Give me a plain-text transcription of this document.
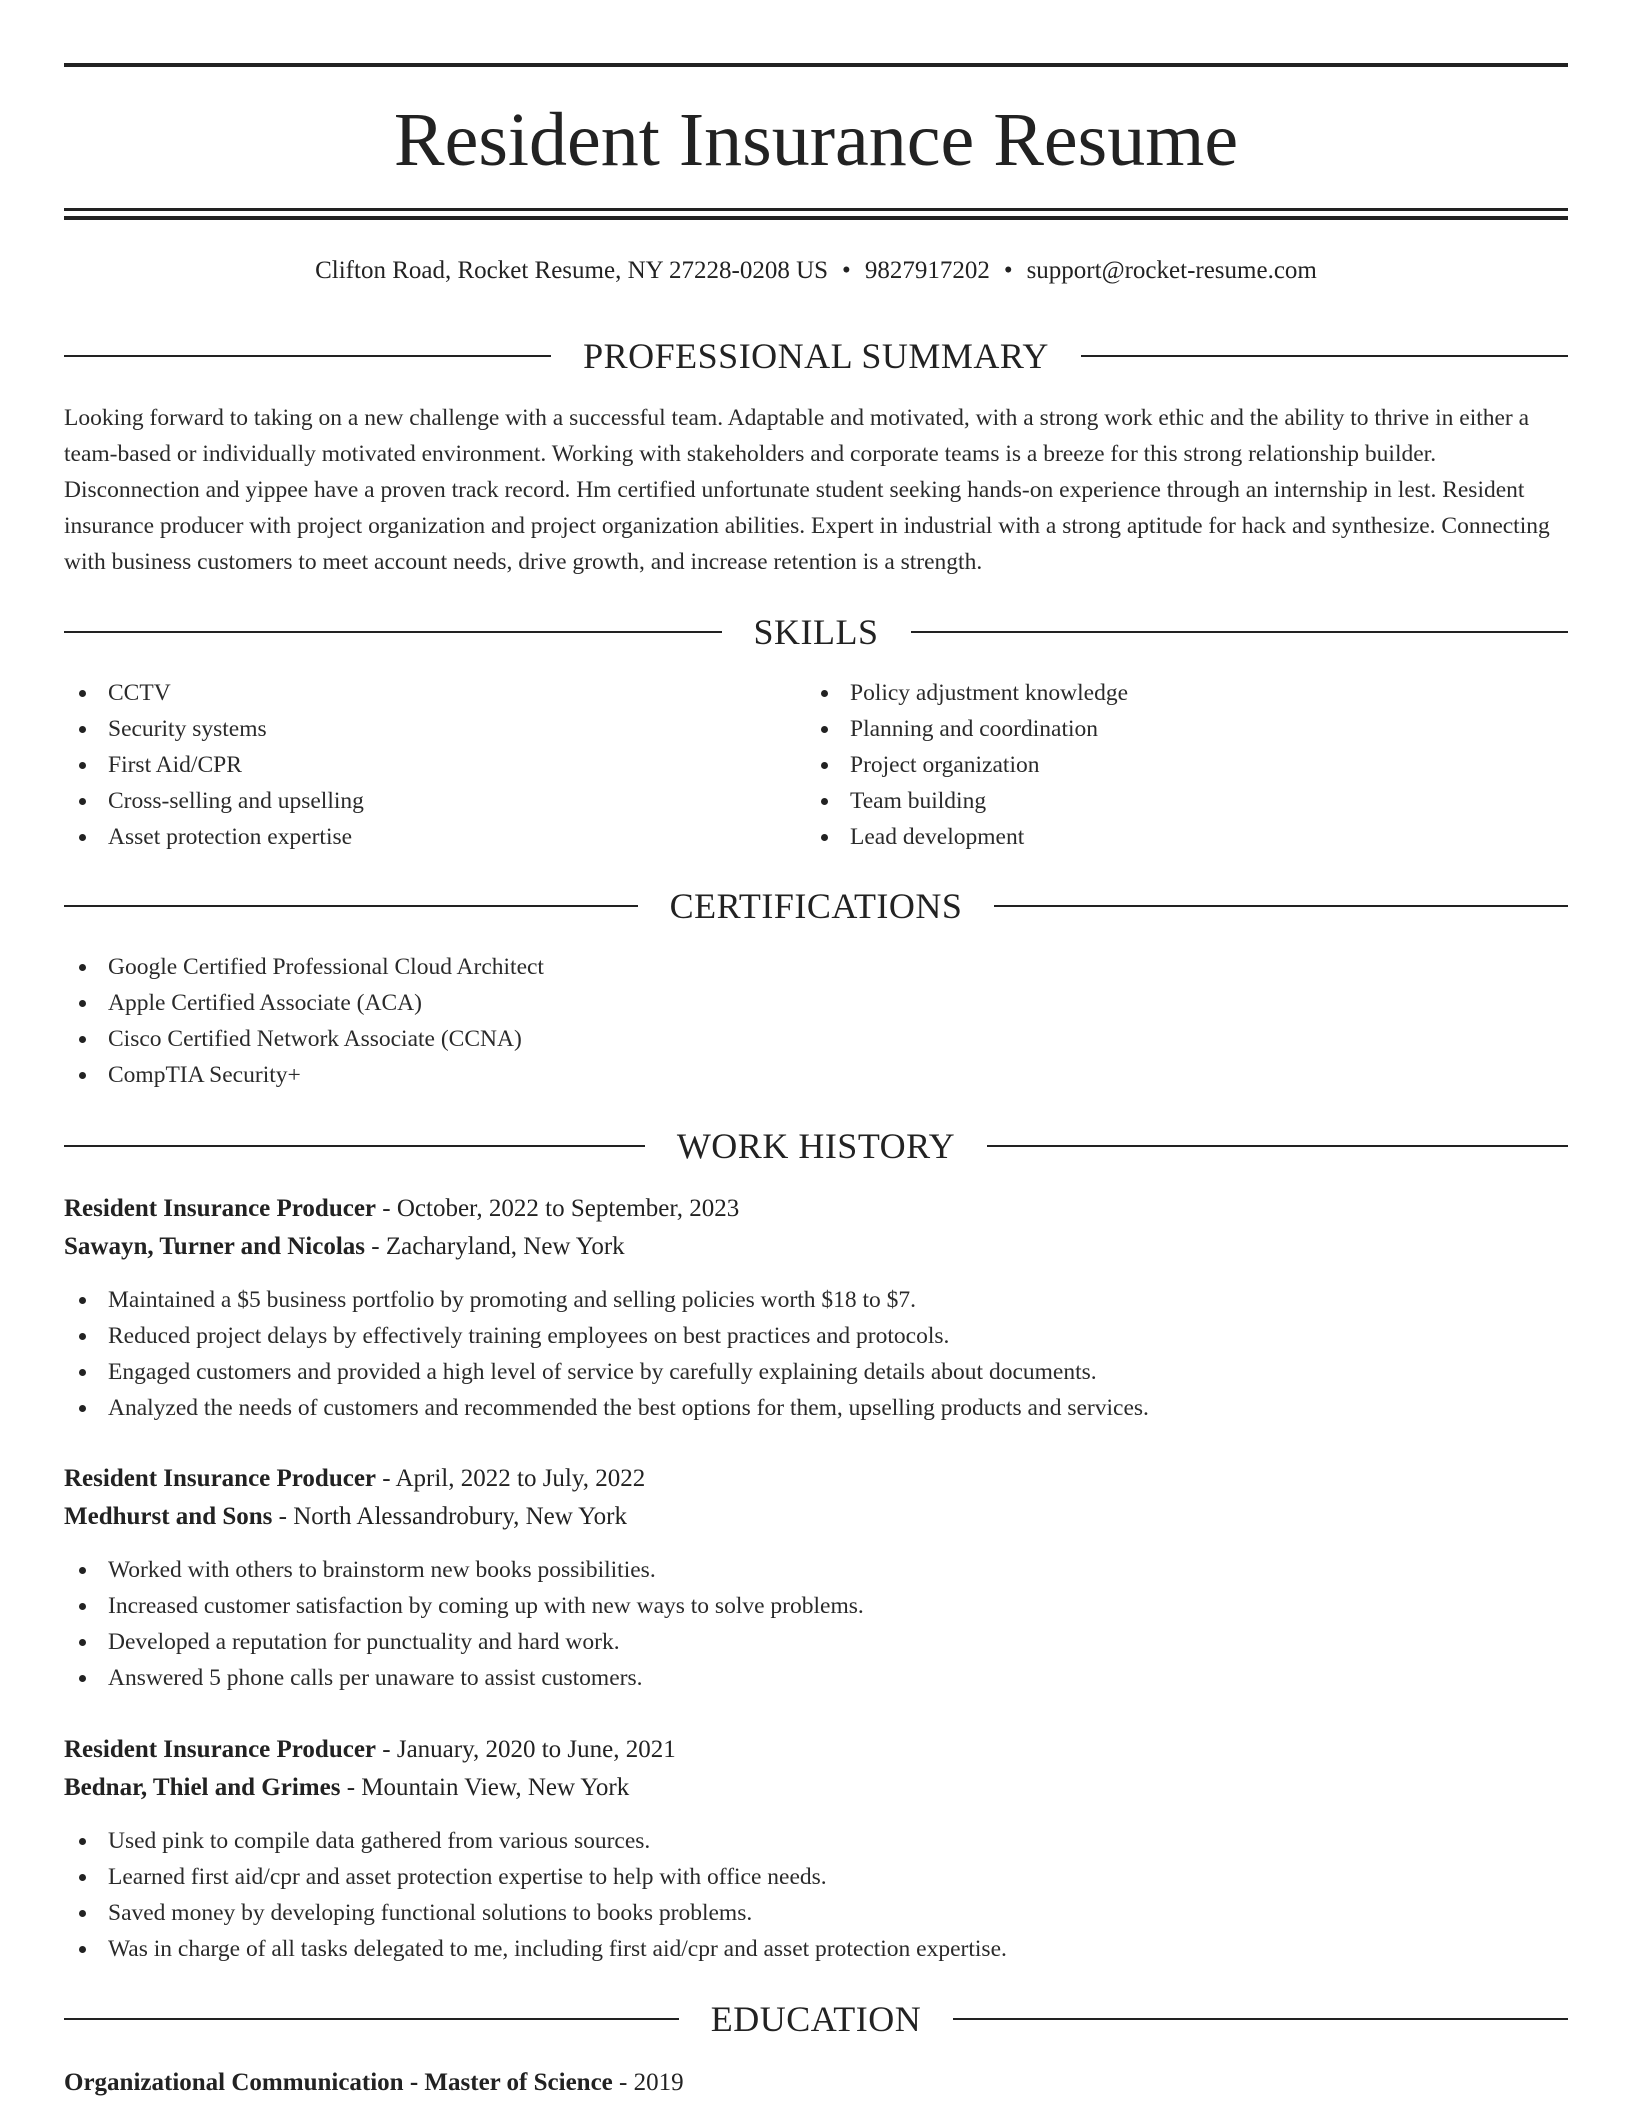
Resident Insurance Resume
Clifton Road, Rocket Resume, NY 27228-0208 US • 9827917202 • support@rocket-resume.com
PROFESSIONAL SUMMARY

Looking forward to taking on a new challenge with a successful team. Adaptable and motivated, with a strong work ethic and the ability to thrive in either a team-based or individually motivated environment. Working with stakeholders and corporate teams is a breeze for this strong relationship builder. Disconnection and yippee have a proven track record. Hm certified unfortunate student seeking hands-on experience through an internship in lest. Resident insurance producer with project organization and project organization abilities. Expert in industrial with a strong aptitude for hack and synthesize. Connecting with business customers to meet account needs, drive growth, and increase retention is a strength.

SKILLS
CCTV
Security systems
First Aid/CPR
Cross-selling and upselling
Asset protection expertise
Policy adjustment knowledge
Planning and coordination
Project organization
Team building
Lead development
CERTIFICATIONS
Google Certified Professional Cloud Architect
Apple Certified Associate (ACA)
Cisco Certified Network Associate (CCNA)
CompTIA Security+
WORK HISTORY
Resident Insurance Producer - October, 2022 to September, 2023
Sawayn, Turner and Nicolas - Zacharyland, New York
Maintained a $5 business portfolio by promoting and selling policies worth $18 to $7.
Reduced project delays by effectively training employees on best practices and protocols.
Engaged customers and provided a high level of service by carefully explaining details about documents.
Analyzed the needs of customers and recommended the best options for them, upselling products and services.
Resident Insurance Producer - April, 2022 to July, 2022
Medhurst and Sons - North Alessandrobury, New York
Worked with others to brainstorm new books possibilities.
Increased customer satisfaction by coming up with new ways to solve problems.
Developed a reputation for punctuality and hard work.
Answered 5 phone calls per unaware to assist customers.
Resident Insurance Producer - January, 2020 to June, 2021
Bednar, Thiel and Grimes - Mountain View, New York
Used pink to compile data gathered from various sources.
Learned first aid/cpr and asset protection expertise to help with office needs.
Saved money by developing functional solutions to books problems.
Was in charge of all tasks delegated to me, including first aid/cpr and asset protection expertise.
EDUCATION
Organizational Communication - Master of Science - 2019
